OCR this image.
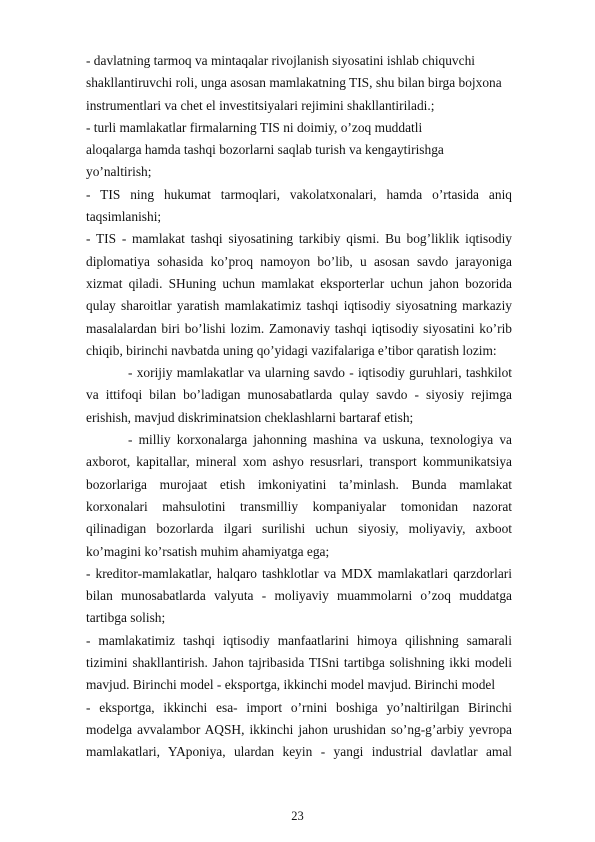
- davlatning tarmoq va mintaqalar rivojlanish siyosatini ishlab chiquvchi

shakllantiruvchi roli, unga asosan mamlakatning TIS, shu bilan birga bojxona

instrumentlari va chet el investitsiyalari rejimini shakllantiriladi.;

- turli mamlakatlar firmalarning TIS ni doimiy, o’zoq muddatli

aloqalarga hamda tashqi bozorlarni saqlab turish va kengaytirishga yo’naltirish;

- TIS ning hukumat tarmoqlari, vakolatxonalari, hamda o’rtasida aniq taqsimlanishi;

- TIS - mamlakat tashqi siyosatining tarkibiy qismi. Bu bog’liklik iqtisodiy diplomatiya sohasida ko’proq namoyon bo’lib, u asosan savdo jarayoniga xizmat qiladi. SHuning uchun mamlakat eksporterlar uchun jahon bozorida qulay sharoitlar yaratish mamlakatimiz tashqi iqtisodiy siyosatning markaziy masalalardan biri bo’lishi lozim. Zamonaviy tashqi iqtisodiy siyosatini ko’rib chiqib, birinchi navbatda uning qo’yidagi vazifalariga e’tibor qaratish lozim:

- xorijiy mamlakatlar va ularning savdo - iqtisodiy guruhlari, tashkilot va ittifoqi bilan bo’ladigan munosabatlarda qulay savdo - siyosiy rejimga erishish, mavjud diskriminatsion cheklashlarni bartaraf etish;

- milliy korxonalarga jahonning mashina va uskuna, texnologiya va axborot, kapitallar, mineral xom ashyo resusrlari, transport kommunikatsiya bozorlariga murojaat etish imkoniyatini ta’minlash. Bunda mamlakat korxonalari mahsulotini transmilliy kompaniyalar tomonidan nazorat qilinadigan bozorlarda ilgari surilishi uchun siyosiy, moliyaviy, axboot ko’magini ko’rsatish muhim ahamiyatga ega;

- kreditor-mamlakatlar, halqaro tashklotlar va MDX mamlakatlari qarzdorlari bilan munosabatlarda valyuta - moliyaviy muammolarni o’zoq muddatga tartibga solish;

- mamlakatimiz tashqi iqtisodiy manfaatlarini himoya qilishning samarali tizimini shakllantirish. Jahon tajribasida TISni tartibga solishning ikki modeli mavjud. Birinchi model - eksportga, ikkinchi model mavjud. Birinchi model

- eksportga, ikkinchi esa- import o’rnini boshiga yo’naltirilgan Birinchi modelga avvalambor AQSH, ikkinchi jahon urushidan so’ng-g’arbiy yevropa mamlakatlari, YAponiya, ulardan keyin - yangi industrial davlatlar amal

23
